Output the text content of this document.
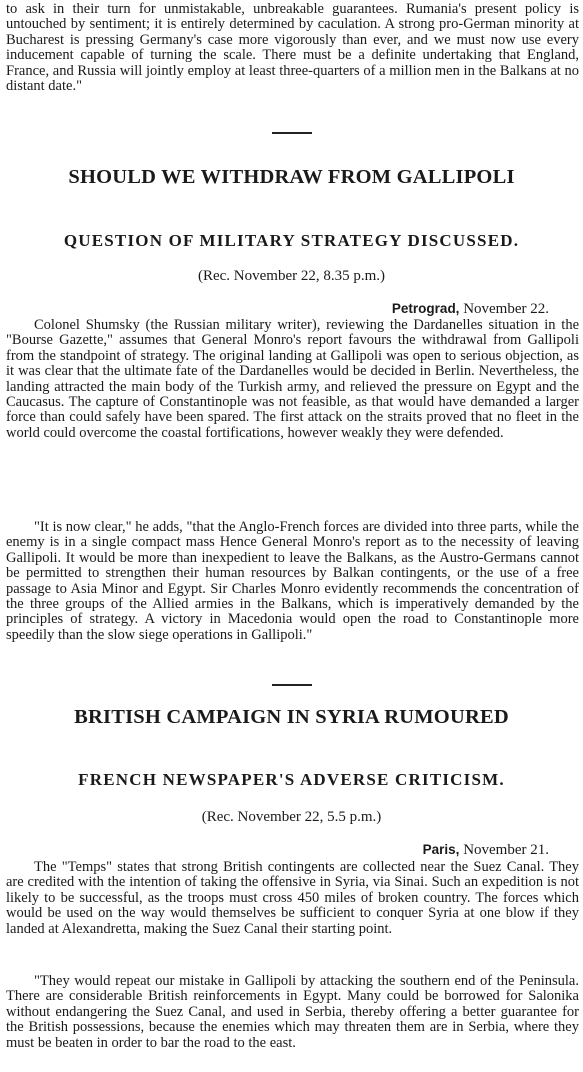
to ask in their turn for unmistakable, unbreakable guarantees. Rumania's present policy is untouched by sentiment; it is entirely determined by caculation. A strong pro-German minority at Bucharest is pressing Germany's case more vigorously than ever, and we must now use every inducement capable of turning the scale. There must be a definite undertaking that England, France, and Russia will jointly employ at least three-quarters of a million men in the Balkans at no distant date."

SHOULD WE WITHDRAW FROM GALLIPOLI
QUESTION OF MILITARY STRATEGY DISCUSSED.

(Rec. November 22, 8.35 p.m.)

Petrograd, November 22.

Colonel Shumsky (the Russian military writer), reviewing the Dardanelles situation in the "Bourse Gazette," assumes that General Monro's report favours the withdrawal from Gallipoli from the standpoint of strategy. The original landing at Gallipoli was open to serious objection, as it was clear that the ultimate fate of the Dardanelles would be decided in Berlin. Nevertheless, the landing attracted the main body of the Turkish army, and relieved the pressure on Egypt and the Caucasus. The capture of Constantinople was not feasible, as that would have demanded a larger force than could safely have been spared. The first attack on the straits proved that no fleet in the world could overcome the coastal fortifications, however weakly they were defended.

"It is now clear," he adds, "that the Anglo-French forces are divided into three parts, while the enemy is in a single compact mass Hence General Monro's report as to the necessity of leaving Gallipoli. It would be more than inexpedient to leave the Balkans, as the Austro-Germans cannot be permitted to strengthen their human resources by Balkan contingents, or the use of a free passage to Asia Minor and Egypt. Sir Charles Monro evidently recommends the concentration of the three groups of the Allied armies in the Balkans, which is imperatively demanded by the principles of strategy. A victory in Macedonia would open the road to Constantinople more speedily than the slow siege operations in Gallipoli."

BRITISH CAMPAIGN IN SYRIA RUMOURED
FRENCH NEWSPAPER'S ADVERSE CRITICISM.

(Rec. November 22, 5.5 p.m.)

Paris, November 21.

The "Temps" states that strong British contingents are collected near the Suez Canal. They are credited with the intention of taking the offensive in Syria, via Sinai. Such an expedition is not likely to be successful, as the troops must cross 450 miles of broken country. The forces which would be used on the way would themselves be sufficient to conquer Syria at one blow if they landed at Alexandretta, making the Suez Canal their starting point.

"They would repeat our mistake in Gallipoli by attacking the southern end of the Peninsula. There are considerable British reinforcements in Egypt. Many could be borrowed for Salonika without endangering the Suez Canal, and used in Serbia, thereby offering a better guarantee for the British possessions, because the enemies which may threaten them are in Serbia, where they must be beaten in order to bar the road to the east.
